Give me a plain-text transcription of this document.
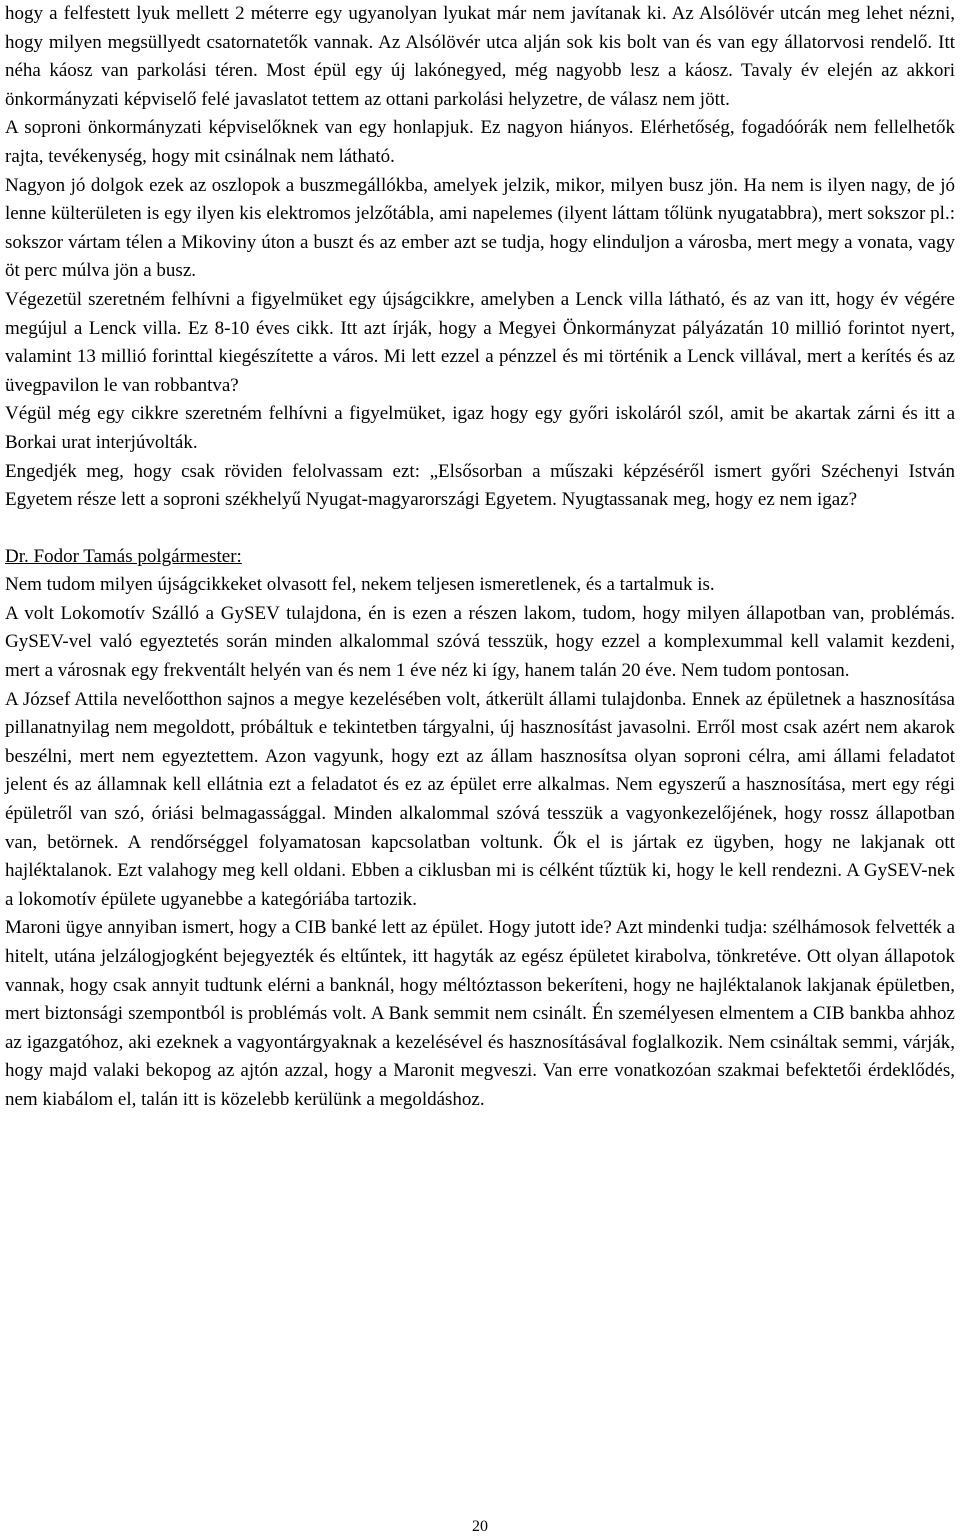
hogy a felfestett lyuk mellett 2 méterre egy ugyanolyan lyukat már nem javítanak ki. Az Alsólövér utcán meg lehet nézni, hogy milyen megsüllyedt csatornatetők vannak. Az Alsólövér utca alján sok kis bolt van és van egy állatorvosi rendelő. Itt néha káosz van parkolási téren. Most épül egy új lakónegyed, még nagyobb lesz a káosz. Tavaly év elején az akkori önkormányzati képviselő felé javaslatot tettem az ottani parkolási helyzetre, de válasz nem jött.

A soproni önkormányzati képviselőknek van egy honlapjuk. Ez nagyon hiányos. Elérhetőség, fogadóórák nem fellelhetők rajta, tevékenység, hogy mit csinálnak nem látható.

Nagyon jó dolgok ezek az oszlopok a buszmegállókba, amelyek jelzik, mikor, milyen busz jön. Ha nem is ilyen nagy, de jó lenne külterületen is egy ilyen kis elektromos jelzőtábla, ami napelemes (ilyent láttam tőlünk nyugatabbra), mert sokszor pl.: sokszor vártam télen a Mikoviny úton a buszt és az ember azt se tudja, hogy elinduljon a városba, mert megy a vonata, vagy öt perc múlva jön a busz.

Végezetül szeretném felhívni a figyelmüket egy újságcikkre, amelyben a Lenck villa látható, és az van itt, hogy év végére megújul a Lenck villa. Ez 8-10 éves cikk. Itt azt írják, hogy a Megyei Önkormányzat pályázatán 10 millió forintot nyert, valamint 13 millió forinttal kiegészítette a város. Mi lett ezzel a pénzzel és mi történik a Lenck villával, mert a kerítés és az üvegpavilon le van robbantva?

Végül még egy cikkre szeretném felhívni a figyelmüket, igaz hogy egy győri iskoláról szól, amit be akartak zárni és itt a Borkai urat interjúvolták.

Engedjék meg, hogy csak röviden felolvassam ezt: „Elsősorban a műszaki képzéséről ismert győri Széchenyi István Egyetem része lett a soproni székhelyű Nyugat-magyarországi Egyetem. Nyugtassanak meg, hogy ez nem igaz?

Dr. Fodor Tamás polgármester:

Nem tudom milyen újságcikkeket olvasott fel, nekem teljesen ismeretlenek, és a tartalmuk is.

A volt Lokomotív Szálló a GySEV tulajdona, én is ezen a részen lakom, tudom, hogy milyen állapotban van, problémás. GySEV-vel való egyeztetés során minden alkalommal szóvá tesszük, hogy ezzel a komplexummal kell valamit kezdeni, mert a városnak egy frekventált helyén van és nem 1 éve néz ki így, hanem talán 20 éve. Nem tudom pontosan.

A József Attila nevelőotthon sajnos a megye kezelésében volt, átkerült állami tulajdonba. Ennek az épületnek a hasznosítása pillanatnyilag nem megoldott, próbáltuk e tekintetben tárgyalni, új hasznosítást javasolni. Erről most csak azért nem akarok beszélni, mert nem egyeztettem. Azon vagyunk, hogy ezt az állam hasznosítsa olyan soproni célra, ami állami feladatot jelent és az államnak kell ellátnia ezt a feladatot és ez az épület erre alkalmas. Nem egyszerű a hasznosítása, mert egy régi épületről van szó, óriási belmagassággal. Minden alkalommal szóvá tesszük a vagyonkezelőjének, hogy rossz állapotban van, betörnek. A rendőrséggel folyamatosan kapcsolatban voltunk. Ők el is jártak ez ügyben, hogy ne lakjanak ott hajléktalanok. Ezt valahogy meg kell oldani. Ebben a ciklusban mi is célként tűztük ki, hogy le kell rendezni. A GySEV-nek a lokomotív épülete ugyanebbe a kategóriába tartozik.

Maroni ügye annyiban ismert, hogy a CIB banké lett az épület. Hogy jutott ide? Azt mindenki tudja: szélhámosok felvették a hitelt, utána jelzálogjogként bejegyezték és eltűntek, itt hagyták az egész épületet kirabolva, tönkretéve. Ott olyan állapotok vannak, hogy csak annyit tudtunk elérni a banknál, hogy méltóztasson bekeríteni, hogy ne hajléktalanok lakjanak épületben, mert biztonsági szempontból is problémás volt. A Bank semmit nem csinált. Én személyesen elmentem a CIB bankba ahhoz az igazgatóhoz, aki ezeknek a vagyontárgyaknak a kezelésével és hasznosításával foglalkozik. Nem csináltak semmi, várják, hogy majd valaki bekopog az ajtón azzal, hogy a Maronit megveszi. Van erre vonatkozóan szakmai befektetői érdeklődés, nem kiabálom el, talán itt is közelebb kerülünk a megoldáshoz.

20
